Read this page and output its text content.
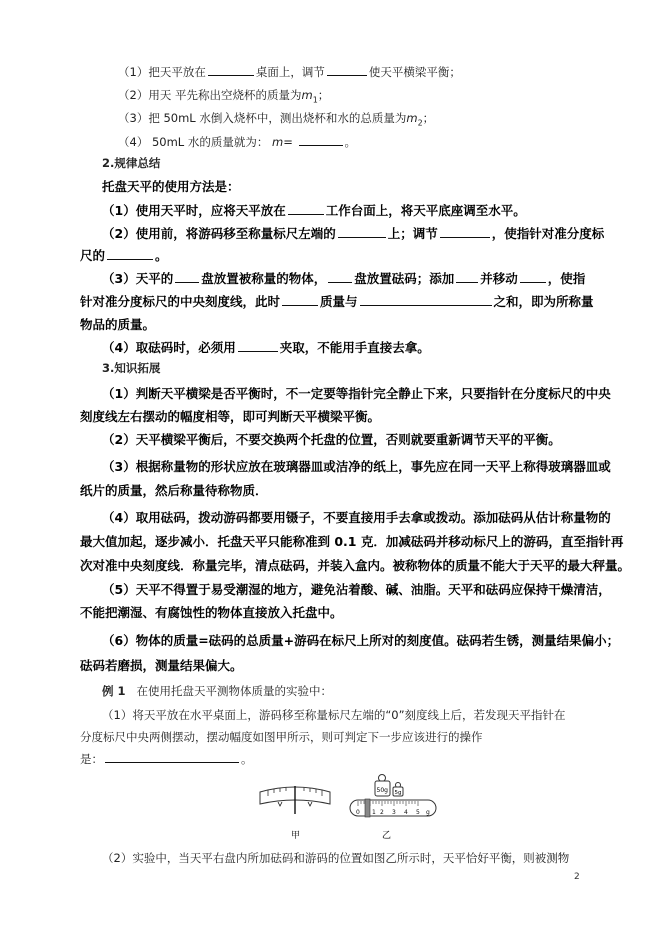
（1）把天平放在	桌面上，调节	使天平横梁平衡；
（2）用天 平先称出空烧杯的质量为$m_1$；
（3）把 50mL 水倒入烧杯中，测出烧杯和水的总质量为$m_2$；
（4） 50mL 水的质量就为： m=	。
2.规律总结
托盘天平的使用方法是：
（1）使用天平时，应将天平放在	工作台面上，将天平底座调至水平。
（2）使用前，将游码移至称量标尺左端的	上；调节	，使指针对准分度标
尺的	。
（3）天平的 盘放置被称量的物体， 盘放置砝码；添加 并移动 ，使指
针对准分度标尺的中央刻度线，此时	质量与	之和，即为所称量
物品的质量。
（4）取砝码时，必须用	夹取，不能用手直接去拿。
3.知识拓展
（1）判断天平横梁是否平衡时，不一定要等指针完全静止下来，只要指针在分度标尺的中央
刻度线左右摆动的幅度相等，即可判断天平横梁平衡。
（2）天平横梁平衡后，不要交换两个托盘的位置，否则就要重新调节天平的平衡。
（3）根据称量物的形状应放在玻璃器皿或洁净的纸上，事先应在同一天平上称得玻璃器皿或
纸片的质量，然后称量待称物质．
（4）取用砝码，拨动游码都要用镊子，不要直接用手去拿或拨动。添加砝码从估计称量物的
最大值加起，逐步减小．托盘天平只能称准到 0.1 克．加减砝码并移动标尺上的游码，直至指针再
次对准中央刻度线．称量完毕，清点砝码，并装入盒内。被称物体的质量不能大于天平的最大秤量。
（5）天平不得置于易受潮湿的地方，避免沾着酸、碱、油脂。天平和砝码应保持干燥清洁，
不能把潮湿、有腐蚀性的物体直接放入托盘中。
（6）物体的质量=砝码的总质量+游码在标尺上所对的刻度值。砝码若生锈，测量结果偏小；
砝码若磨损，测量结果偏大。
例 1 在使用托盘天平测物体质量的实验中：
（1）将天平放在水平桌面上，游码移至称量标尺左端的“0”刻度线上后，若发现天平指针在
分度标尺中央两侧摆动，摆动幅度如图甲所示，则可判定下一步应该进行的操作
是：	。
甲
50g 5g
0 1 2 3 4 5 g
乙
（2）实验中，当天平右盘内所加砝码和游码的位置如图乙所示时，天平恰好平衡，则被测物
2
